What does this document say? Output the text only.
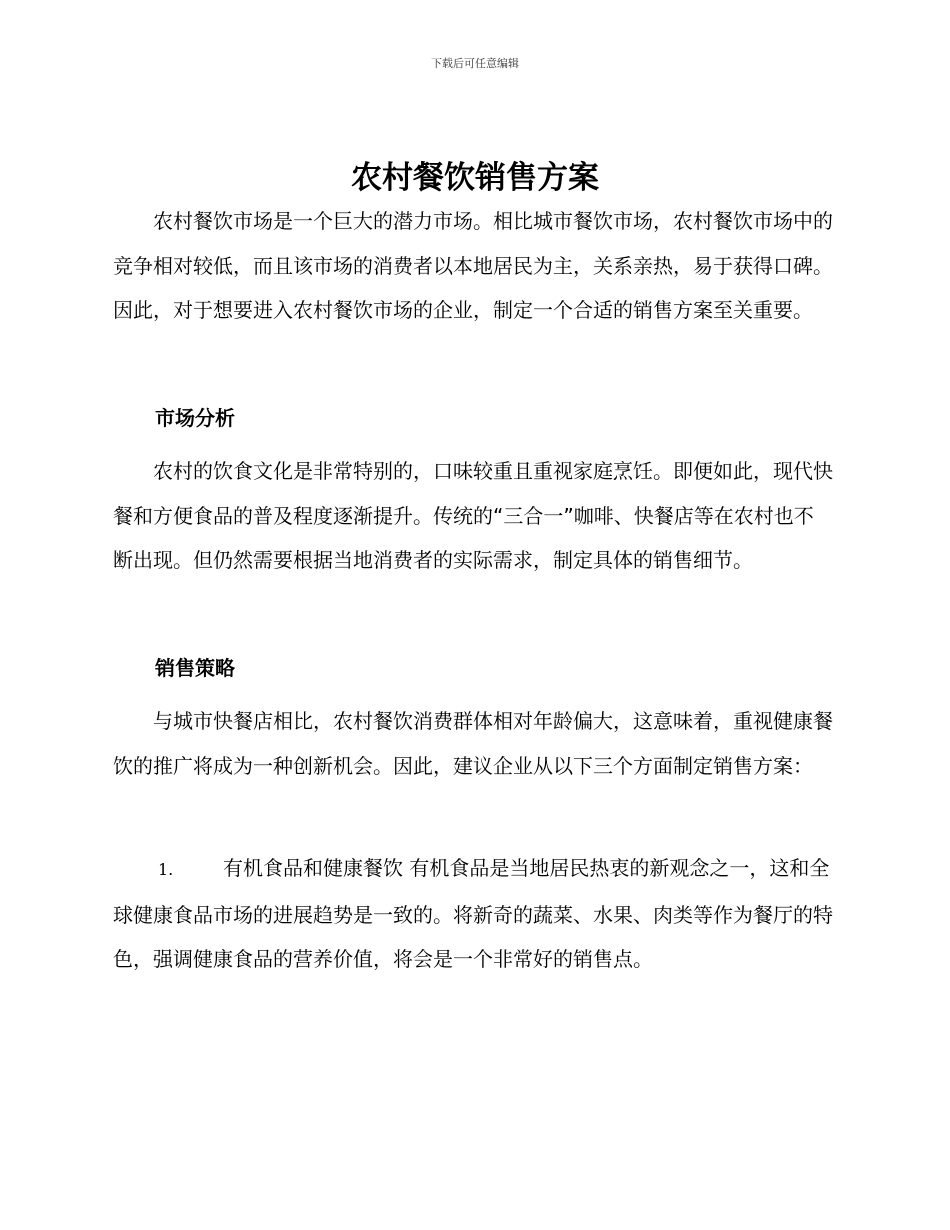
下载后可任意编辑
农村餐饮销售方案

农村餐饮市场是一个巨大的潜力市场。相比城市餐饮市场，农村餐饮市场中的竞争相对较低，而且该市场的消费者以本地居民为主，关系亲热，易于获得口碑。因此，对于想要进入农村餐饮市场的企业，制定一个合适的销售方案至关重要。

市场分析

农村的饮食文化是非常特别的，口味较重且重视家庭烹饪。即便如此，现代快餐和方便食品的普及程度逐渐提升。传统的“三合一”咖啡、快餐店等在农村也不断出现。但仍然需要根据当地消费者的实际需求，制定具体的销售细节。

销售策略

与城市快餐店相比，农村餐饮消费群体相对年龄偏大，这意味着，重视健康餐饮的推广将成为一种创新机会。因此，建议企业从以下三个方面制定销售方案：

1. 有机食品和健康餐饮 有机食品是当地居民热衷的新观念之一，这和全球健康食品市场的进展趋势是一致的。将新奇的蔬菜、水果、肉类等作为餐厅的特色，强调健康食品的营养价值，将会是一个非常好的销售点。
